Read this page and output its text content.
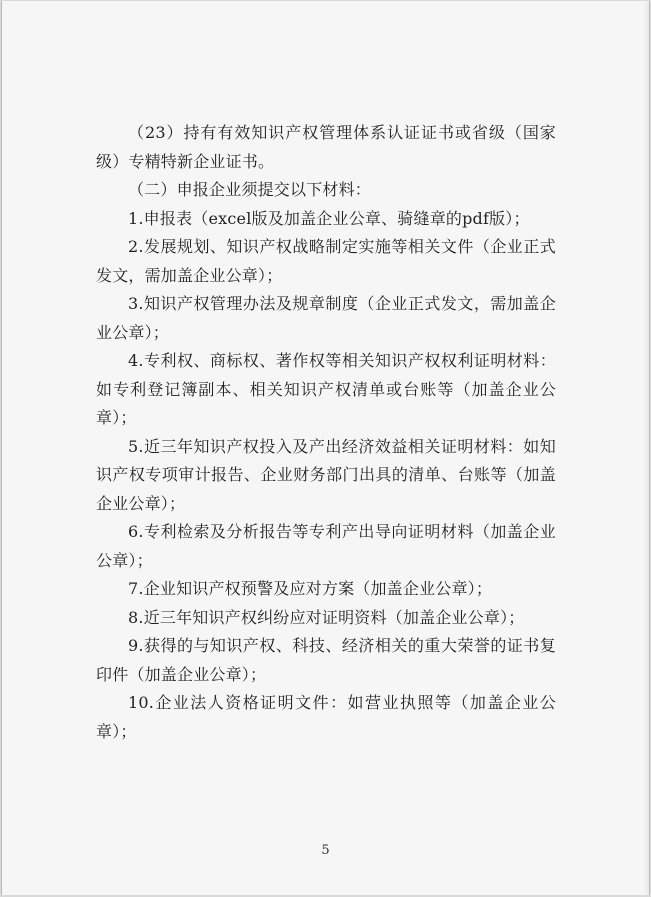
（23）持有有效知识产权管理体系认证证书或省级（国家级）专精特新企业证书。

（二）申报企业须提交以下材料：

1.申报表（excel版及加盖企业公章、骑缝章的pdf版）；

2.发展规划、知识产权战略制定实施等相关文件（企业正式发文，需加盖企业公章）；

3.知识产权管理办法及规章制度（企业正式发文，需加盖企业公章）；

4.专利权、商标权、著作权等相关知识产权权利证明材料：如专利登记簿副本、相关知识产权清单或台账等（加盖企业公章）；

5.近三年知识产权投入及产出经济效益相关证明材料：如知识产权专项审计报告、企业财务部门出具的清单、台账等（加盖企业公章）；

6.专利检索及分析报告等专利产出导向证明材料（加盖企业公章）；

7.企业知识产权预警及应对方案（加盖企业公章）；

8.近三年知识产权纠纷应对证明资料（加盖企业公章）；

9.获得的与知识产权、科技、经济相关的重大荣誉的证书复印件（加盖企业公章）；

10.企业法人资格证明文件：如营业执照等（加盖企业公章）；

5
